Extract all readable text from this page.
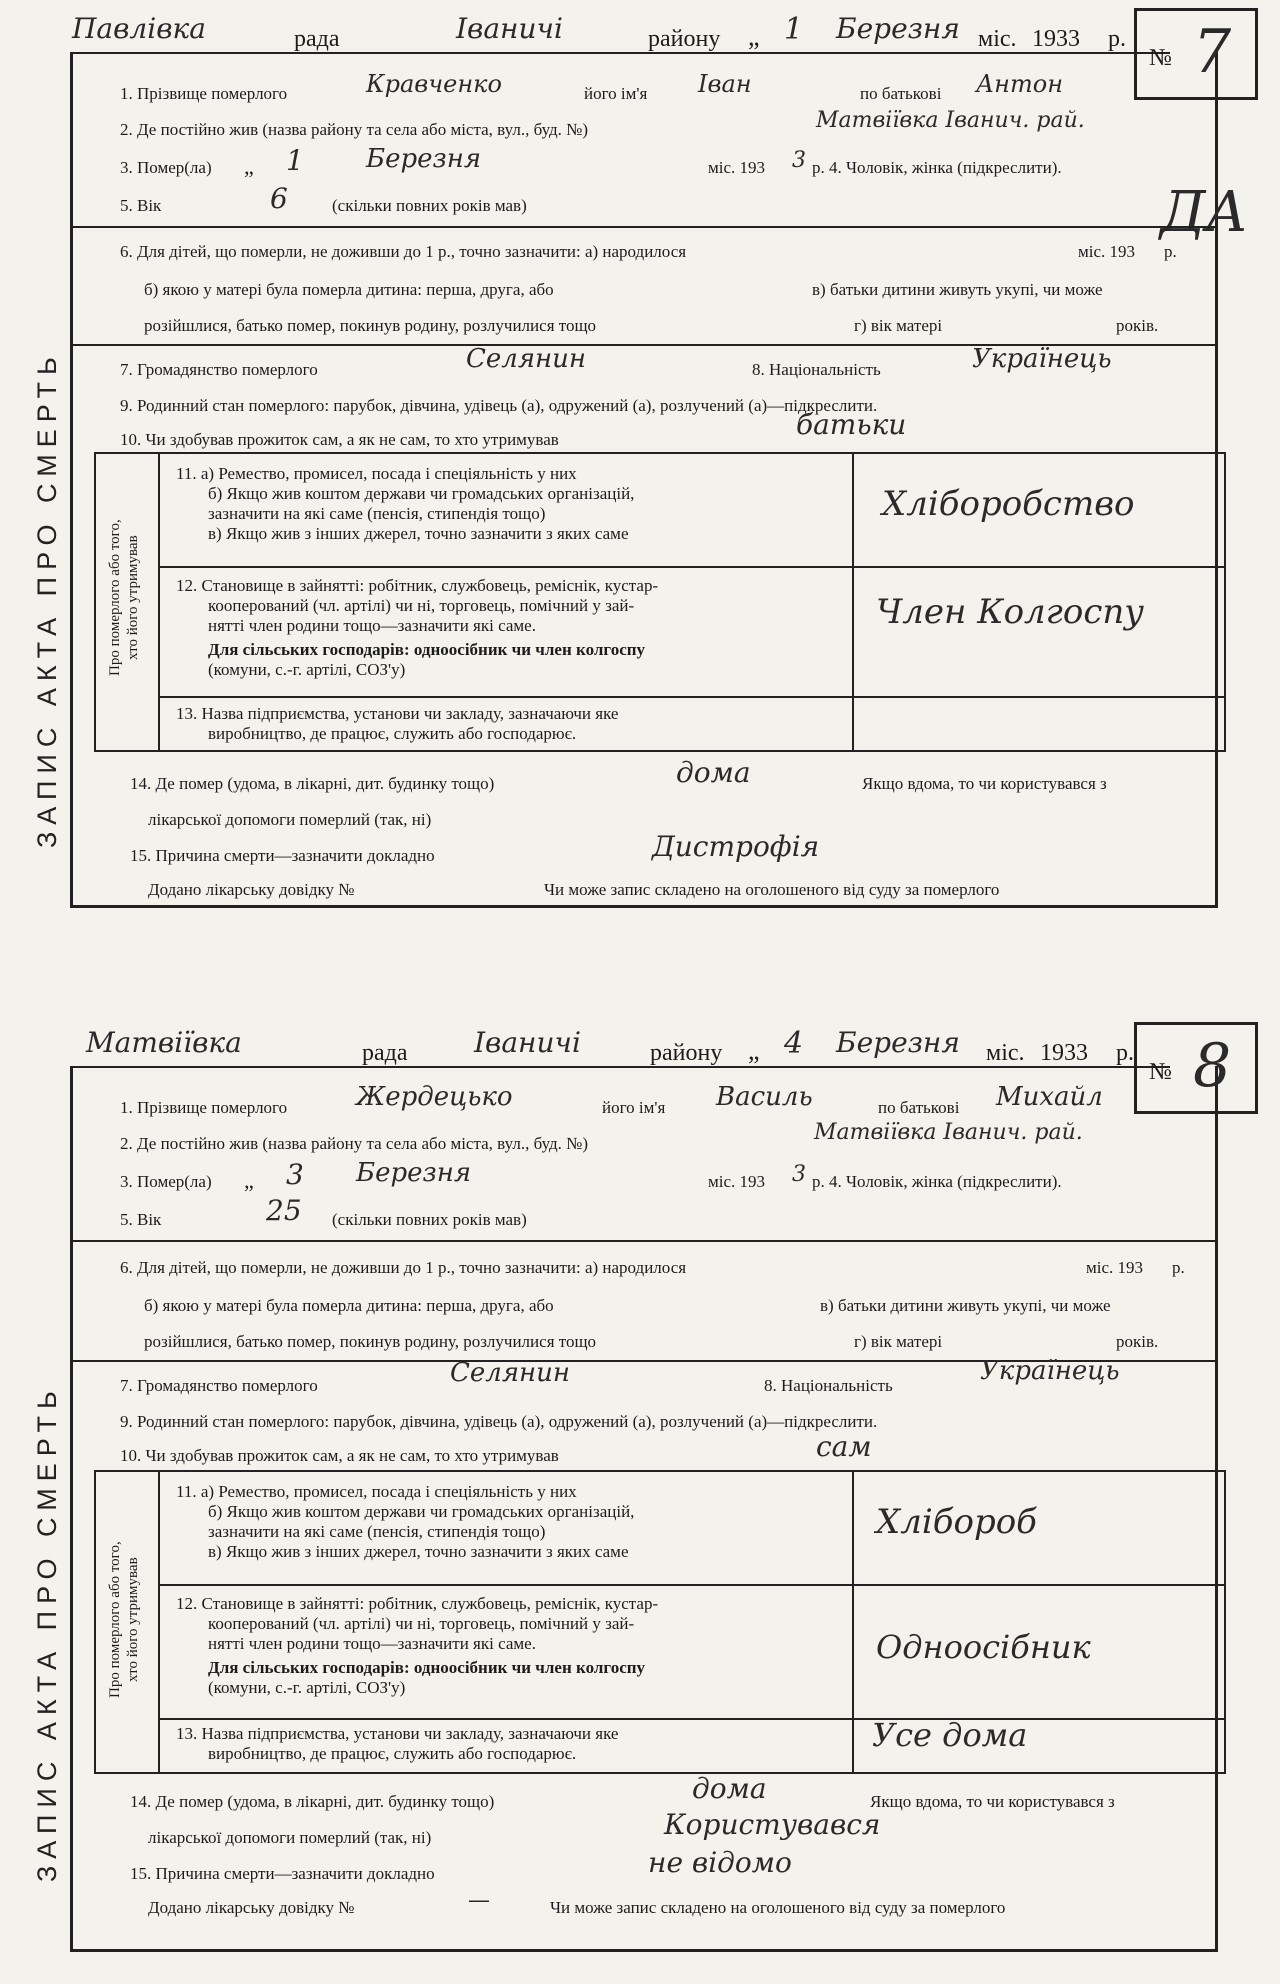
№ 7
Павлівка	рада	Іваничі	району „ 1 Березня міс. 1933 р.
ЗАПИС АКТА ПРО СМЕРТЬ
1. Прізвище померлого	Кравченко	його ім'я Іван	по батькові Антон
2. Де постійно жив (назва району та села або міста, вул., буд. №)	Матвіївка Іванич. рай.
3. Помер(ла) „ 1 Березня	міс. 193 3 р. 4. Чоловік, жінка (підкреслити).
5. Вік	6	(скільки повних років мав)	ДА
6. Для дітей, що померли, не доживши до 1 р., точно зазначити: а) народилося	міс. 193 р.
б) якою у матері була померла дитина: перша, друга, або	в) батьки дитини живуть укупі, чи може
розійшлися, батько помер, покинув родину, розлучилися тощо	г) вік матері	років.
7. Громадянство померлого	Селянин	8. Національність	Українець
9. Родинний стан померлого: парубок, дівчина, удівець (а), одружений (а), розлучений (а)—підкреслити.
10. Чи здобував прожиток сам, а як не сам, то хто утримував	батьки
Про померлого або того,
хто його утримував
11. а) Ремество, промисел, посада і спеціяльність у них
б) Якщо жив коштом держави чи громадських організацій,
зазначити на які саме (пенсія, стипендія тощо)
в) Якщо жив з інших джерел, точно зазначити з яких саме
Хліборобство
12. Становище в зайнятті: робітник, службовець, реміснік, кустар-
кооперований (чл. артілі) чи ні, торговець, помічний у зай-
нятті член родини тощо—зазначити які саме.
Для сільських господарів: одноосібник чи член колгоспу
(комуни, с.-г. артілі, СОЗ'у)
Член Колгоспу
13. Назва підприємства, установи чи закладу, зазначаючи яке
виробництво, де працює, служить або господарює.
14. Де помер (удома, в лікарні, дит. будинку тощо)	дома	Якщо вдома, то чи користувався з
лікарської допомоги померлий (так, ні)
15. Причина смерти—зазначити докладно	Дистрофія
Додано лікарську довідку №	Чи може запис складено на оголошеного від суду за померлого
№ 8
Матвіївка	рада Іваничі	району „ 4 Березня міс. 1933 р.
ЗАПИС АКТА ПРО СМЕРТЬ
1. Прізвище померлого	Жердецько	його ім'я Василь	по батькові Михайл
2. Де постійно жив (назва району та села або міста, вул., буд. №)	Матвіївка Іванич. рай.
3. Помер(ла) „ 3 Березня	міс. 193 3 р. 4. Чоловік, жінка (підкреслити).
5. Вік	25 (скільки повних років мав)
6. Для дітей, що померли, не доживши до 1 р., точно зазначити: а) народилося	міс. 193 р.
б) якою у матері була померла дитина: перша, друга, або	в) батьки дитини живуть укупі, чи може
розійшлися, батько помер, покинув родину, розлучилися тощо	г) вік матері	років.
7. Громадянство померлого	Селянин	8. Національність	Українець
9. Родинний стан померлого: парубок, дівчина, удівець (а), одружений (а), розлучений (а)—підкреслити.
10. Чи здобував прожиток сам, а як не сам, то хто утримував	сам
Про померлого або того,
хто його утримував
11. а) Ремество, промисел, посада і спеціяльність у них
б) Якщо жив коштом держави чи громадських організацій,
зазначити на які саме (пенсія, стипендія тощо)
в) Якщо жив з інших джерел, точно зазначити з яких саме
Хлібороб
12. Становище в зайнятті: робітник, службовець, реміснік, кустар-
кооперований (чл. артілі) чи ні, торговець, помічний у зай-
нятті член родини тощо—зазначити які саме.
Для сільських господарів: одноосібник чи член колгоспу
(комуни, с.-г. артілі, СОЗ'у)
Одноосібник
13. Назва підприємства, установи чи закладу, зазначаючи яке
виробництво, де працює, служить або господарює.	Усе дома
14. Де помер (удома, в лікарні, дит. будинку тощо)	дома	Якщо вдома, то чи користувався з
лікарської допомоги померлий (так, ні)	Користувався
15. Причина смерти—зазначити докладно	не відомо
Додано лікарську довідку №	—	Чи може запис складено на оголошеного від суду за померлого
